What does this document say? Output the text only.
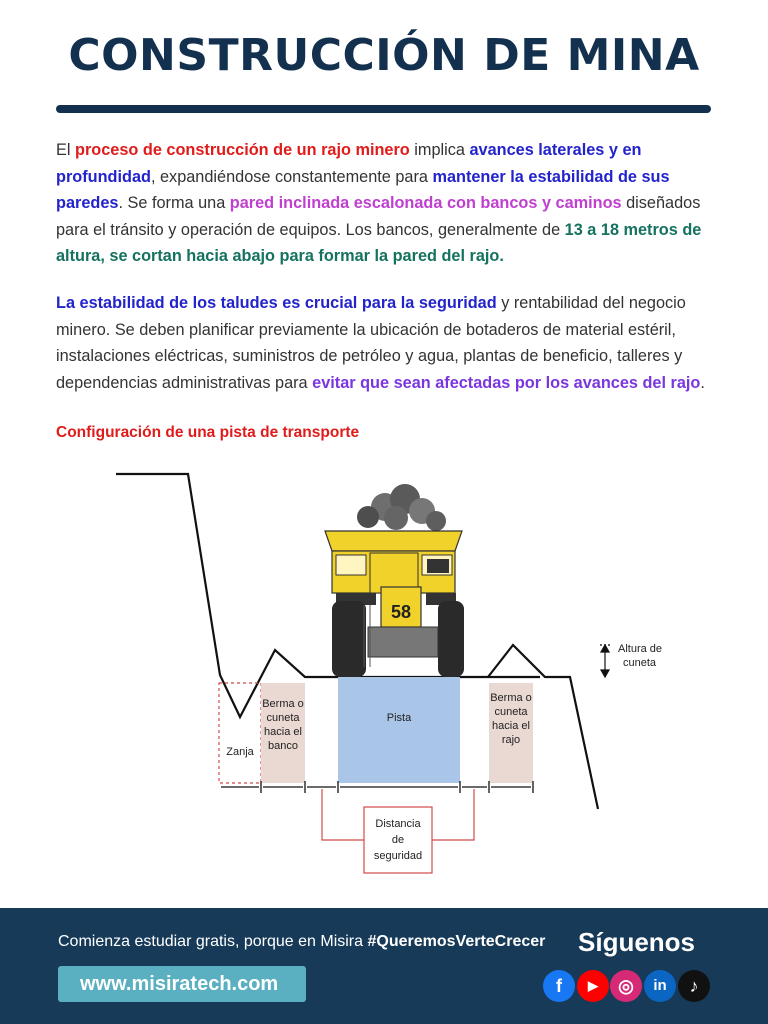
CONSTRUCCIÓN DE MINA
El proceso de construcción de un rajo minero implica avances laterales y en profundidad, expandiéndose constantemente para mantener la estabilidad de sus paredes. Se forma una pared inclinada escalonada con bancos y caminos diseñados para el tránsito y operación de equipos. Los bancos, generalmente de 13 a 18 metros de altura, se cortan hacia abajo para formar la pared del rajo.
La estabilidad de los taludes es crucial para la seguridad y rentabilidad del negocio minero. Se deben planificar previamente la ubicación de botaderos de material estéril, instalaciones eléctricas, suministros de petróleo y agua, plantas de beneficio, talleres y dependencias administrativas para evitar que sean afectadas por los avances del rajo.
Configuración de una pista de transporte
58
Altura de
cuneta
Zanja
Berma o
cuneta
hacia el
banco
Pista
Berma o
cuneta
hacia el
rajo
Distancia
de
seguridad
Comienza estudiar gratis, porque en Misira #QueremosVerteCrecer
www.misiratech.com
Síguenos
f	▶	◎	in	♪
